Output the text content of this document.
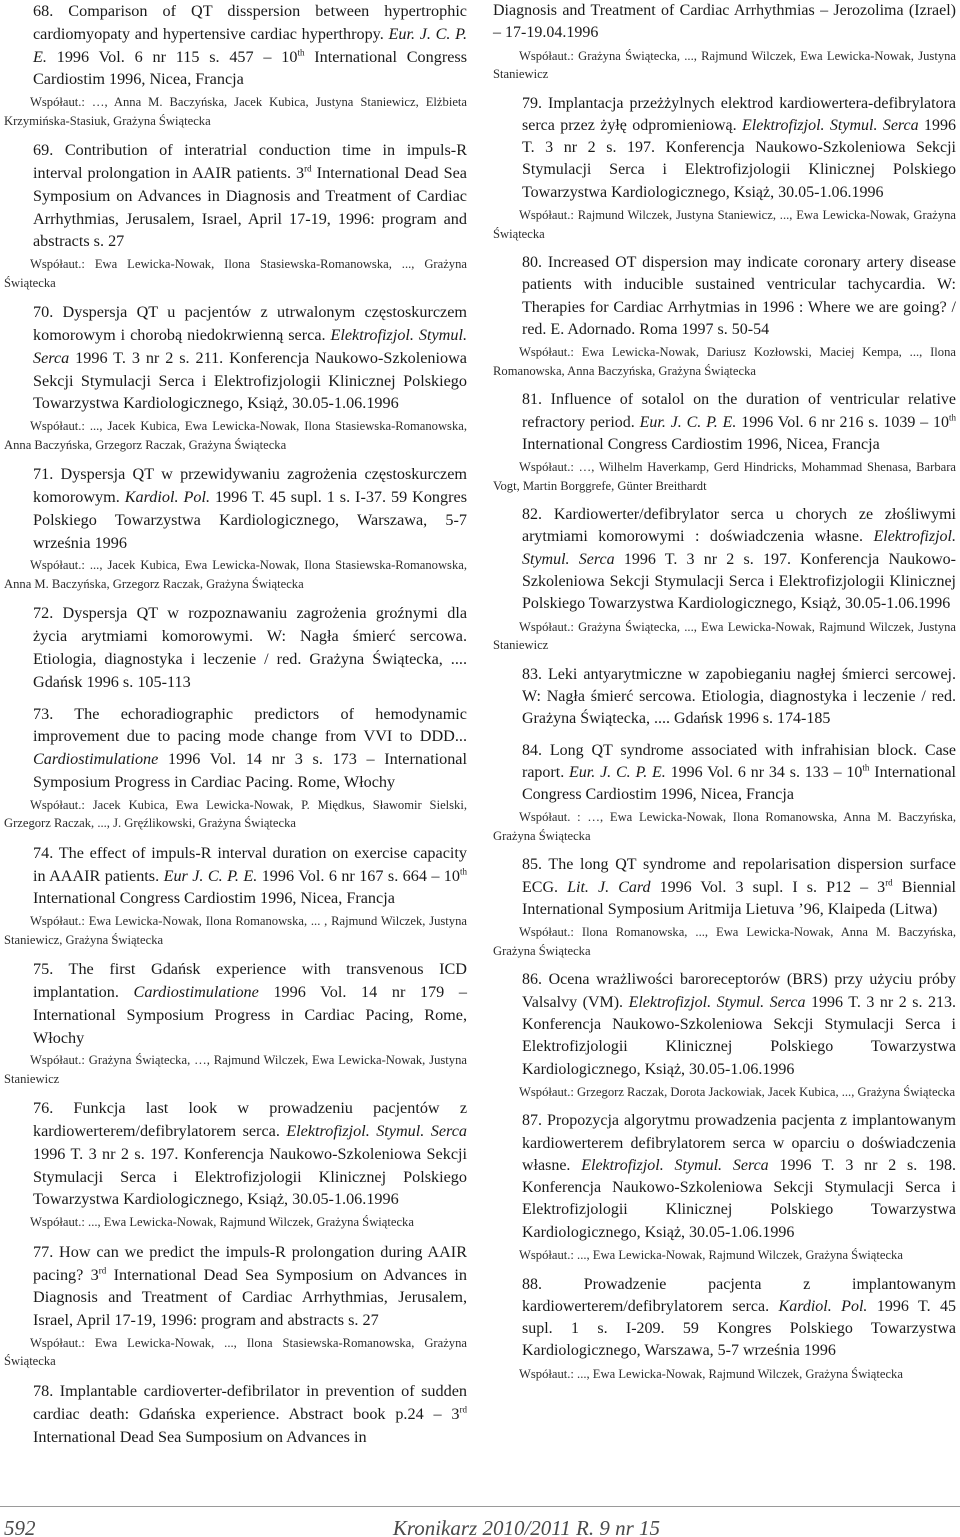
68. Comparison of QT disspersion between hypertrophic cardiomyopaty and hypertensive cardiac hyperthropy. Eur. J. C. P. E. 1996 Vol. 6 nr 115 s. 457 – 10th International Congress Cardiostim 1996, Nicea, Francja

Współaut.: …, Anna M. Baczyńska, Jacek Kubica, Justyna Staniewicz, Elżbieta Krzymińska-Stasiuk, Grażyna Świątecka

69. Contribution of interatrial conduction time in impuls-R interval prolongation in AAIR patients. 3rd International Dead Sea Symposium on Advances in Diagnosis and Treatment of Cardiac Arrhythmias, Jerusalem, Israel, April 17-19, 1996: program and abstracts s. 27

Współaut.: Ewa Lewicka-Nowak, Ilona Stasiewska-Romanowska, ..., Grażyna Świątecka

70. Dyspersja QT u pacjentów z utrwalonym częstoskurczem komorowym i chorobą niedokrwienną serca. Elektrofizjol. Stymul. Serca 1996 T. 3 nr 2 s. 211. Konferencja Naukowo-Szkoleniowa Sekcji Stymulacji Serca i Elektrofizjologii Klinicznej Polskiego Towarzystwa Kardiologicznego, Książ, 30.05-1.06.1996

Współaut.: ..., Jacek Kubica, Ewa Lewicka-Nowak, Ilona Stasiewska-Romanowska, Anna Baczyńska, Grzegorz Raczak, Grażyna Świątecka

71. Dyspersja QT w przewidywaniu zagrożenia częstoskurczem komorowym. Kardiol. Pol. 1996 T. 45 supl. 1 s. I-37. 59 Kongres Polskiego Towarzystwa Kardiologicznego, Warszawa, 5-7 września 1996

Współaut.: ..., Jacek Kubica, Ewa Lewicka-Nowak, Ilona Stasiewska-Romanowska, Anna M. Baczyńska, Grzegorz Raczak, Grażyna Świątecka

72. Dyspersja QT w rozpoznawaniu zagrożenia groźnymi dla życia arytmiami komorowymi. W: Nagła śmierć sercowa. Etiologia, diagnostyka i leczenie / red. Grażyna Świątecka, .... Gdańsk 1996 s. 105-113

73. The echoradiographic predictors of hemodynamic improvement due to pacing mode change from VVI to DDD... Cardiostimulatione 1996 Vol. 14 nr 3 s. 173 – International Symposium Progress in Cardiac Pacing. Rome, Włochy

Współaut.: Jacek Kubica, Ewa Lewicka-Nowak, P. Międkus, Sławomir Sielski, Grzegorz Raczak, ..., J. Gręźlikowski, Grażyna Świątecka

74. The effect of impuls-R interval duration on exercise capacity in AAAIR patients. Eur J. C. P. E. 1996 Vol. 6 nr 167 s. 664 – 10th International Congress Cardiostim 1996, Nicea, Francja

Współaut.: Ewa Lewicka-Nowak, Ilona Romanowska, ... , Rajmund Wilczek, Justyna Staniewicz, Grażyna Świątecka

75. The first Gdańsk experience with transvenous ICD implantation. Cardiostimulatione 1996 Vol. 14 nr 179 – International Symposium Progress in Cardiac Pacing, Rome, Włochy

Współaut.: Grażyna Świątecka, …, Rajmund Wilczek, Ewa Lewicka-Nowak, Justyna Staniewicz

76. Funkcja last look w prowadzeniu pacjentów z kardiowerterem/defibrylatorem serca. Elektrofizjol. Stymul. Serca 1996 T. 3 nr 2 s. 197. Konferencja Naukowo-Szkoleniowa Sekcji Stymulacji Serca i Elektrofizjologii Klinicznej Polskiego Towarzystwa Kardiologicznego, Książ, 30.05-1.06.1996

Współaut.: ..., Ewa Lewicka-Nowak, Rajmund Wilczek, Grażyna Świątecka

77. How can we predict the impuls-R prolongation during AAIR pacing? 3rd International Dead Sea Symposium on Advances in Diagnosis and Treatment of Cardiac Arrhythmias, Jerusalem, Israel, April 17-19, 1996: program and abstracts s. 27

Współaut.: Ewa Lewicka-Nowak, ..., Ilona Stasiewska-Romanowska, Grażyna Świątecka

78. Implantable cardioverter-defibrilator in prevention of sudden cardiac death: Gdańska experience. Abstract book p.24 – 3rd International Dead Sea Sumposium on Advances in

Diagnosis and Treatment of Cardiac Arrhythmias – Jerozolima (Izrael) – 17-19.04.1996

Współaut.: Grażyna Świątecka, ..., Rajmund Wilczek, Ewa Lewicka-Nowak, Justyna Staniewicz

79. Implantacja przeżżylnych elektrod kardiowertera-defibrylatora serca przez żyłę odpromieniową. Elektrofizjol. Stymul. Serca 1996 T. 3 nr 2 s. 197. Konferencja Naukowo-Szkoleniowa Sekcji Stymulacji Serca i Elektrofizjologii Klinicznej Polskiego Towarzystwa Kardiologicznego, Książ, 30.05-1.06.1996

Współaut.: Rajmund Wilczek, Justyna Staniewicz, ..., Ewa Lewicka-Nowak, Grażyna Świątecka

80. Increased OT dispersion may indicate coronary artery disease patients with inducible sustained ventricular tachycardia. W: Therapies for Cardiac Arrhytmias in 1996 : Where we are going? / red. E. Adornado. Roma 1997 s. 50-54

Współaut.: Ewa Lewicka-Nowak, Dariusz Kozłowski, Maciej Kempa, ..., Ilona Romanowska, Anna Baczyńska, Grażyna Świątecka

81. Influence of sotalol on the duration of ventricular relative refractory period. Eur. J. C. P. E. 1996 Vol. 6 nr 216 s. 1039 – 10th International Congress Cardiostim 1996, Nicea, Francja

Współaut.: …, Wilhelm Haverkamp, Gerd Hindricks, Mohammad Shenasa, Barbara Vogt, Martin Borggrefe, Günter Breithardt

82. Kardiowerter/defibrylator serca u chorych ze złośliwymi arytmiami komorowymi : doświadczenia własne. Elektrofizjol. Stymul. Serca 1996 T. 3 nr 2 s. 197. Konferencja Naukowo-Szkoleniowa Sekcji Stymulacji Serca i Elektrofizjologii Klinicznej Polskiego Towarzystwa Kardiologicznego, Książ, 30.05-1.06.1996

Współaut.: Grażyna Świątecka, ..., Ewa Lewicka-Nowak, Rajmund Wilczek, Justyna Staniewicz

83. Leki antyarytmiczne w zapobieganiu nagłej śmierci sercowej. W: Nagła śmierć sercowa. Etiologia, diagnostyka i leczenie / red. Grażyna Świątecka, .... Gdańsk 1996 s. 174-185

84. Long QT syndrome associated with infrahisian block. Case raport. Eur. J. C. P. E. 1996 Vol. 6 nr 34 s. 133 – 10th International Congress Cardiostim 1996, Nicea, Francja

Współaut. : …, Ewa Lewicka-Nowak, Ilona Romanowska, Anna M. Baczyńska, Grażyna Świątecka

85. The long QT syndrome and repolarisation dispersion surface ECG. Lit. J. Card 1996 Vol. 3 supl. I s. P12 – 3rd Biennial International Symposium Aritmija Lietuva ’96, Klaipeda (Litwa)

Współaut.: Ilona Romanowska, ..., Ewa Lewicka-Nowak, Anna M. Baczyńska, Grażyna Świątecka

86. Ocena wrażliwości baroreceptorów (BRS) przy użyciu próby Valsalvy (VM). Elektrofizjol. Stymul. Serca 1996 T. 3 nr 2 s. 213. Konferencja Naukowo-Szkoleniowa Sekcji Stymulacji Serca i Elektrofizjologii Klinicznej Polskiego Towarzystwa Kardiologicznego, Książ, 30.05-1.06.1996

Współaut.: Grzegorz Raczak, Dorota Jackowiak, Jacek Kubica, ..., Grażyna Świątecka

87. Propozycja algorytmu prowadzenia pacjenta z implantowanym kardiowerterem defibrylatorem serca w oparciu o doświadczenia własne. Elektrofizjol. Stymul. Serca 1996 T. 3 nr 2 s. 198. Konferencja Naukowo-Szkoleniowa Sekcji Stymulacji Serca i Elektrofizjologii Klinicznej Polskiego Towarzystwa Kardiologicznego, Książ, 30.05-1.06.1996

Współaut.: ..., Ewa Lewicka-Nowak, Rajmund Wilczek, Grażyna Świątecka

88. Prowadzenie pacjenta z implantowanym kardiowerterem/defibrylatorem serca. Kardiol. Pol. 1996 T. 45 supl. 1 s. I-209. 59 Kongres Polskiego Towarzystwa Kardiologicznego, Warszawa, 5-7 września 1996

Współaut.: ..., Ewa Lewicka-Nowak, Rajmund Wilczek, Grażyna Świątecka

592	Kronikarz 2010/2011 R. 9 nr 15
